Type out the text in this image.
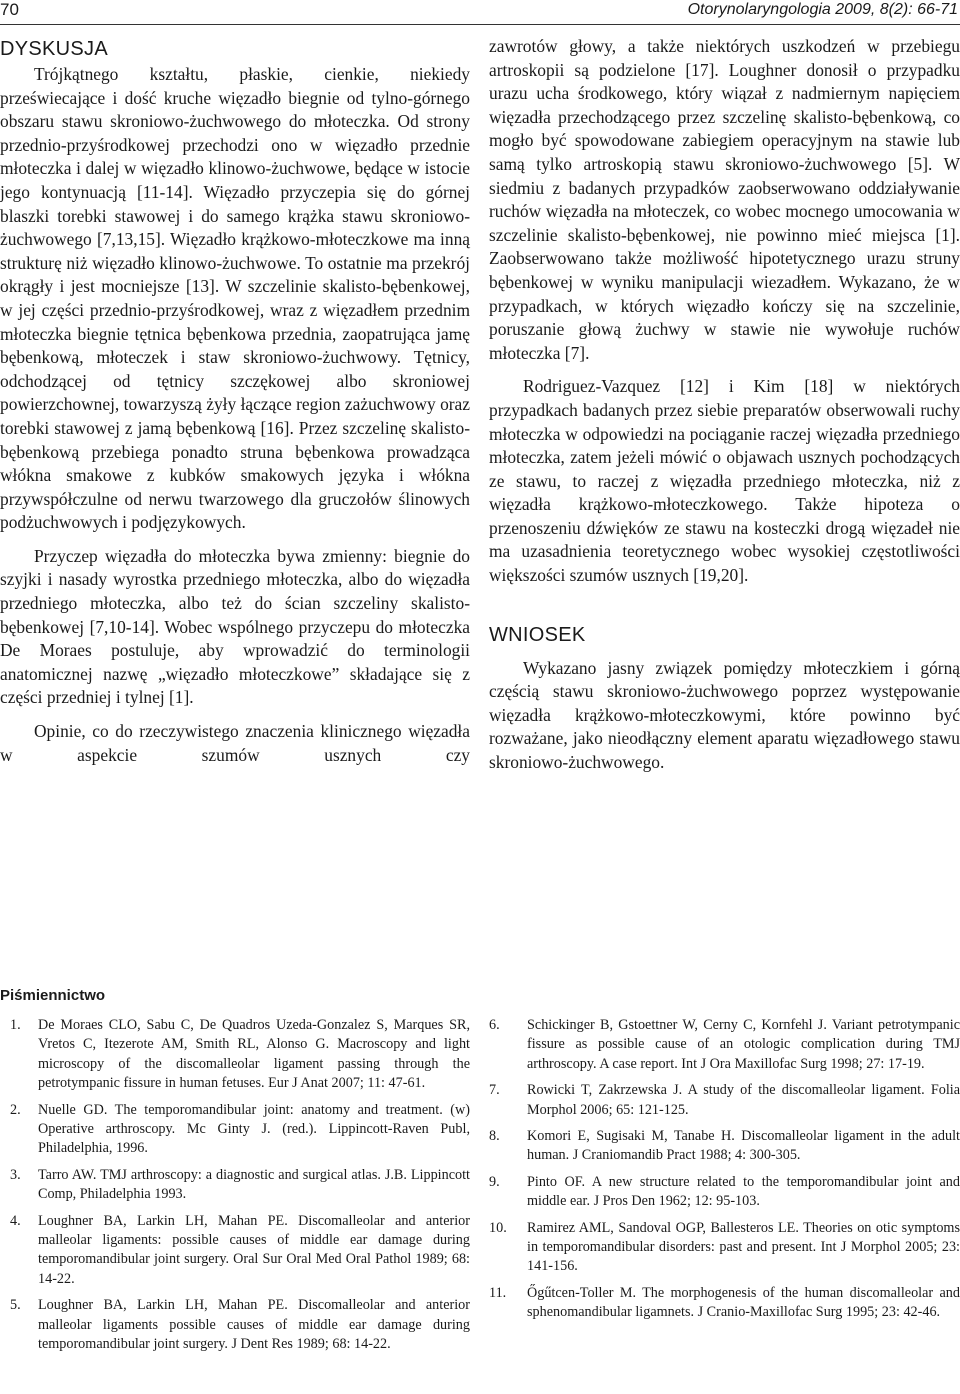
70	Otorynolaryngologia 2009, 8(2): 66-71
DYSKUSJA

Trójkątnego kształtu, płaskie, cienkie, niekiedy przeświecające i dość kruche więzadło biegnie od tylno-górnego obszaru stawu skroniowo-żuchwowego do młoteczka. Od strony przednio-przyśrodkowej przechodzi ono w więzadło przednie młoteczka i dalej w więzadło klinowo-żuchwowe, będące w istocie jego kontynuacją [11-14]. Więzadło przyczepia się do górnej blaszki torebki stawowej i do samego krążka stawu skroniowo-żuchwowego [7,13,15]. Więzadło krążkowo-młoteczkowe ma inną strukturę niż więzadło klinowo-żuchwowe. To ostatnie ma przekrój okrągły i jest mocniejsze [13]. W szczelinie skalisto-bębenkowej, w jej części przednio-przyśrodkowej, wraz z więzadłem przednim młoteczka biegnie tętnica bębenkowa przednia, zaopatrująca jamę bębenkową, młoteczek i staw skroniowo-żuchwowy. Tętnicy, odchodzącej od tętnicy szczękowej albo skroniowej powierzchownej, towarzyszą żyły łączące region zażuchwowy oraz torebki stawowej z jamą bębenkową [16]. Przez szczelinę skalisto-bębenkową przebiega ponadto struna bębenkowa prowadząca włókna smakowe z kubków smakowych języka i włókna przywspółczulne od nerwu twarzowego dla gruczołów ślinowych podżuchwowych i podjęzykowych.

Przyczep więzadła do młoteczka bywa zmienny: biegnie do szyjki i nasady wyrostka przedniego młoteczka, albo do więzadła przedniego młoteczka, albo też do ścian szczeliny skalisto-bębenkowej [7,10-14]. Wobec wspólnego przyczepu do młoteczka De Moraes postuluje, aby wprowadzić do terminologii anatomicznej nazwę „więzadło młoteczkowe” składające się z części przedniej i tylnej [1].

Opinie, co do rzeczywistego znaczenia klinicznego więzadła w aspekcie szumów usznych czy

zawrotów głowy, a także niektórych uszkodzeń w przebiegu artroskopii są podzielone [17]. Loughner donosił o przypadku urazu ucha środkowego, który wiązał z nadmiernym napięciem więzadła przechodzącego przez szczelinę skalisto-bębenkową, co mogło być spowodowane zabiegiem operacyjnym na stawie lub samą tylko artroskopią stawu skroniowo-żuchwowego [5]. W siedmiu z badanych przypadków zaobserwowano oddziaływanie ruchów więzadła na młoteczek, co wobec mocnego umocowania w szczelinie skalisto-bębenkowej, nie powinno mieć miejsca [1]. Zaobserwowano także możliwość hipotetycznego urazu struny bębenkowej w wyniku manipulacji wiezadłem. Wykazano, że w przypadkach, w których więzadło kończy się na szczelinie, poruszanie głową żuchwy w stawie nie wywołuje ruchów młoteczka [7].

Rodriguez-Vazquez [12] i Kim [18] w niektórych przypadkach badanych przez siebie preparatów obserwowali ruchy młoteczka w odpowiedzi na pociąganie raczej więzadła przedniego młoteczka, zatem jeżeli mówić o objawach usznych pochodzących ze stawu, to raczej z więzadła przedniego młoteczka, niż z więzadła krążkowo-młoteczkowego. Także hipoteza o przenoszeniu dźwięków ze stawu na kosteczki drogą więzadeł nie ma uzasadnienia teoretycznego wobec wysokiej częstotliwości większości szumów usznych [19,20].

WNIOSEK

Wykazano jasny związek pomiędzy młoteczkiem i górną częścią stawu skroniowo-żuchwowego poprzez występowanie więzadła krążkowo-młoteczkowymi, które powinno być rozważane, jako nieodłączny element aparatu więzadłowego stawu skroniowo-żuchwowego.

Piśmiennictwo
1. De Moraes CLO, Sabu C, De Quadros Uzeda-Gonzalez S, Marques SR, Vretos C, Itezerote AM, Smith RL, Alonso G. Macroscopy and light microscopy of the discomalleolar ligament passing through the petrotympanic fissure in human fetuses. Eur J Anat 2007; 11: 47-61.
2. Nuelle GD. The temporomandibular joint: anatomy and treatment. (w) Operative arthroscopy. Mc Ginty J. (red.). Lippincott-Raven Publ, Philadelphia, 1996.
3. Tarro AW. TMJ arthroscopy: a diagnostic and surgical atlas. J.B. Lippincott Comp, Philadelphia 1993.
4. Loughner BA, Larkin LH, Mahan PE. Discomalleolar and anterior malleolar ligaments: possible causes of middle ear damage during temporomandibular joint surgery. Oral Sur Oral Med Oral Pathol 1989; 68: 14-22.
5. Loughner BA, Larkin LH, Mahan PE. Discomalleolar and anterior malleolar ligaments possible causes of middle ear damage during temporomandibular joint surgery. J Dent Res 1989; 68: 14-22.
6. Schickinger B, Gstoettner W, Cerny C, Kornfehl J. Variant petrotympanic fissure as possible cause of an otologic complication during TMJ arthroscopy. A case report. Int J Ora Maxillofac Surg 1998; 27: 17-19.
7. Rowicki T, Zakrzewska J. A study of the discomalleolar ligament. Folia Morphol 2006; 65: 121-125.
8. Komori E, Sugisaki M, Tanabe H. Discomalleolar ligament in the adult human. J Craniomandib Pract 1988; 4: 300-305.
9. Pinto OF. A new structure related to the temporomandibular joint and middle ear. J Pros Den 1962; 12: 95-103.
10. Ramirez AML, Sandoval OGP, Ballesteros LE. Theories on otic symptoms in temporomandibular disorders: past and present. Int J Morphol 2005; 23: 141-156.
11. Őgűtcen-Toller M. The morphogenesis of the human discomalleolar and sphenomandibular ligamnets. J Cranio-Maxillofac Surg 1995; 23: 42-46.
